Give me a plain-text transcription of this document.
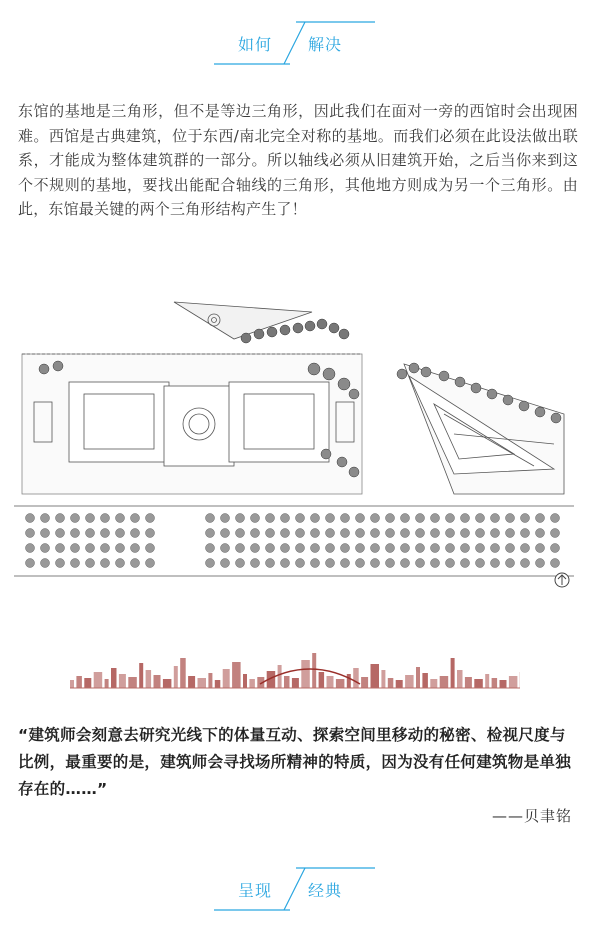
如何 解决
东馆的基地是三角形，但不是等边三角形，因此我们在面对一旁的西馆时会出现困难。西馆是古典建筑，位于东西/南北完全对称的基地。而我们必须在此设法做出联系，才能成为整体建筑群的一部分。所以轴线必须从旧建筑开始，之后当你来到这个不规则的基地，要找出能配合轴线的三角形，其他地方则成为另一个三角形。由此，东馆最关键的两个三角形结构产生了！
“建筑师会刻意去研究光线下的体量互动、探索空间里移动的秘密、检视尺度与比例，最重要的是，建筑师会寻找场所精神的特质，因为没有任何建筑物是单独存在的……”
——贝聿铭
呈现 经典
